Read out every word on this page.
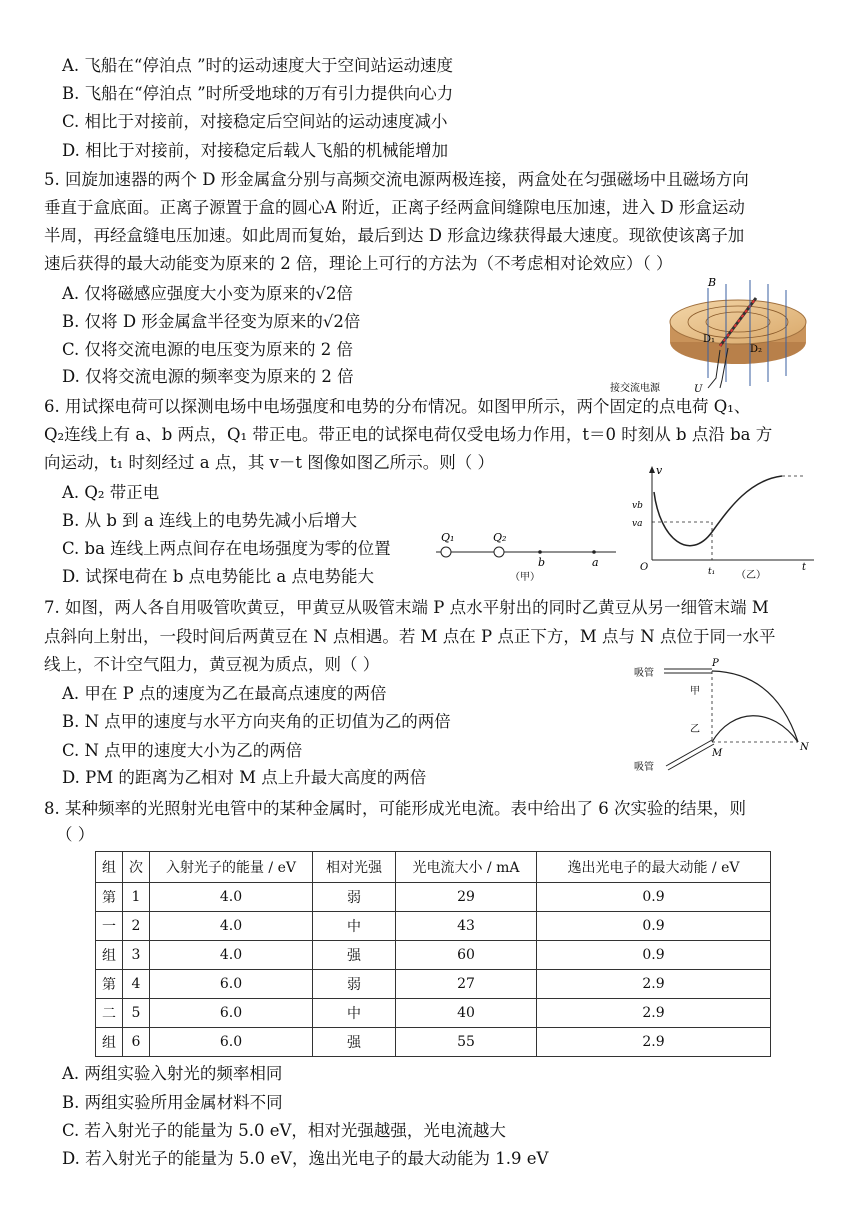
A. 飞船在“停泊点 ”时的运动速度大于空间站运动速度
B. 飞船在“停泊点 ”时所受地球的万有引力提供向心力
C. 相比于对接前，对接稳定后空间站的运动速度减小
D. 相比于对接前，对接稳定后载人飞船的机械能增加
5. 回旋加速器的两个 D 形金属盒分别与高频交流电源两极连接，两盒处在匀强磁场中且磁场方向
垂直于盒底面。正离子源置于盒的圆心A 附近，正离子经两盒间缝隙电压加速，进入 D 形盒运动
半周，再经盒缝电压加速。如此周而复始，最后到达 D 形盒边缘获得最大速度。现欲使该离子加
速后获得的最大动能变为原来的 2 倍，理论上可行的方法为（不考虑相对论效应）（ ）
A. 仅将磁感应强度大小变为原来的√2倍
B. 仅将 D 形金属盒半径变为原来的√2倍
C. 仅将交流电源的电压变为原来的 2 倍
D. 仅将交流电源的频率变为原来的 2 倍
B
D₁
D₂
接交流电源	U
6. 用试探电荷可以探测电场中电场强度和电势的分布情况。如图甲所示，两个固定的点电荷 Q₁、
Q₂连线上有 a、b 两点，Q₁ 带正电。带正电的试探电荷仅受电场力作用，t＝0 时刻从 b 点沿 ba 方
向运动，t₁ 时刻经过 a 点，其 v－t 图像如图乙所示。则（ ）
A. Q₂ 带正电
B. 从 b 到 a 连线上的电势先减小后增大
C. ba 连线上两点间存在电场强度为零的位置
D. 试探电荷在 b 点电势能比 a 点电势能大
Q₁	Q₂
b	a
（甲）
v
vb
va
O	t₁	t
（乙）
7. 如图，两人各自用吸管吹黄豆，甲黄豆从吸管末端 P 点水平射出的同时乙黄豆从另一细管末端 M
点斜向上射出，一段时间后两黄豆在 N 点相遇。若 M 点在 P 点正下方，M 点与 N 点位于同一水平
线上，不计空气阻力，黄豆视为质点，则（ ）
A. 甲在 P 点的速度为乙在最高点速度的两倍
B. N 点甲的速度与水平方向夹角的正切值为乙的两倍
C. N 点甲的速度大小为乙的两倍
D. PM 的距离为乙相对 M 点上升最大高度的两倍
吸管
P
甲
乙
吸管
M
N
8. 某种频率的光照射光电管中的某种金属时，可能形成光电流。表中给出了 6 次实验的结果，则
（ ）
组	次	入射光子的能量 / eV	相对光强	光电流大小 / mA	逸出光电子的最大动能 / eV
第	1	4.0	弱	29	0.9
一	2	4.0	中	43	0.9
组	3	4.0	强	60	0.9
第	4	6.0	弱	27	2.9
二	5	6.0	中	40	2.9
组	6	6.0	强	55	2.9
A. 两组实验入射光的频率相同
B. 两组实验所用金属材料不同
C. 若入射光子的能量为 5.0 eV，相对光强越强，光电流越大
D. 若入射光子的能量为 5.0 eV，逸出光电子的最大动能为 1.9 eV
